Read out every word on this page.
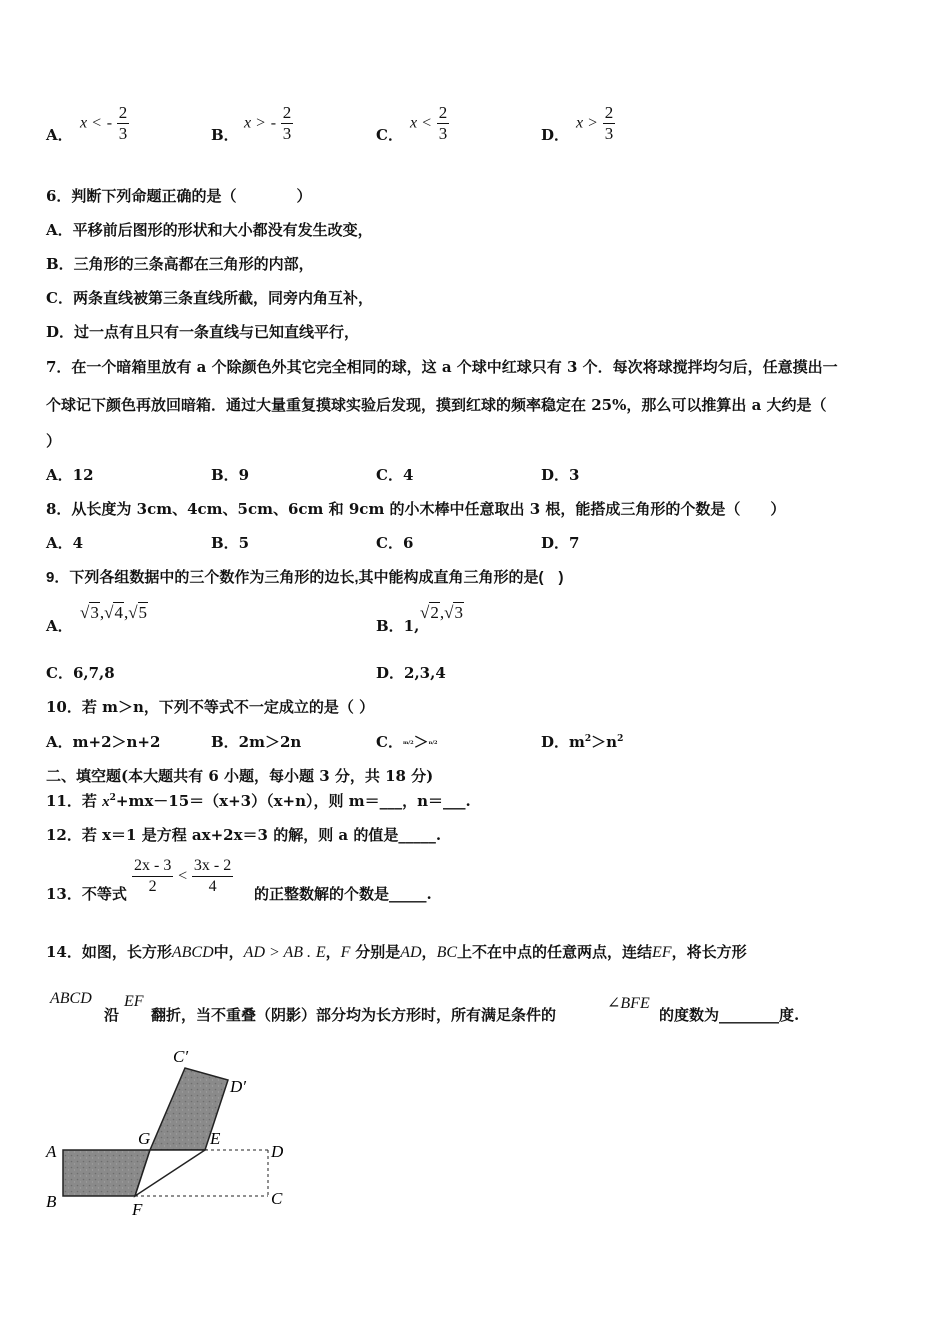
A．
x < - $\frac{2}{3}$	B．
x > - $\frac{2}{3}$	C．
$x < \frac{2}{3}$	D．
$x > \frac{2}{3}$
6．判断下列命题正确的是（　　　　）
A．平移前后图形的形状和大小都没有发生改变，
B．三角形的三条高都在三角形的内部，
C．两条直线被第三条直线所截，同旁内角互补，
D．过一点有且只有一条直线与已知直线平行，
7．在一个暗箱里放有 a 个除颜色外其它完全相同的球，这 a 个球中红球只有 3 个．每次将球搅拌均匀后，任意摸出一
个球记下颜色再放回暗箱．通过大量重复摸球实验后发现，摸到红球的频率稳定在 25%，那么可以推算出 a 大约是（
）
A．12	B．9	C．4	D．3
8．从长度为 3cm、4cm、5cm、6cm 和 9cm 的小木棒中任意取出 3 根，能搭成三角形的个数是（　　）
A．4	B．5	C．6	D．7
9．下列各组数据中的三个数作为三角形的边长,其中能构成直角三角形的是(　)
A．
√3,√4,√5
B．1,
√2,√3
C．6,7,8	D．2,3,4
10．若 m＞n，下列不等式不一定成立的是（ ）
A．m+2＞n+2	B．2m＞2n	C．m/2＞n/2	D．$m^2>n^2$
二、填空题(本大题共有 6 小题，每小题 3 分，共 18 分)
11．若 $x^2+mx-15=(x+3)(x+n)$，则 m＝___，n＝___.
12．若 x＝1 是方程 ax+2x＝3 的解，则 a 的值是_____.
13．不等式 $\frac{2x - 3}{2} < \frac{3x - 2}{4}$ 的正整数解的个数是_____.
14．如图，长方形ABCD中，AD > AB . E，F 分别是AD，BC上不在中点的任意两点，连结EF，将长方形
ABCD
沿
EF
翻折，当不重叠（阴影）部分均为长方形时，所有满足条件的
∠BFE
的度数为________度.
A
B
G	E
D
C
F
C′
D′
